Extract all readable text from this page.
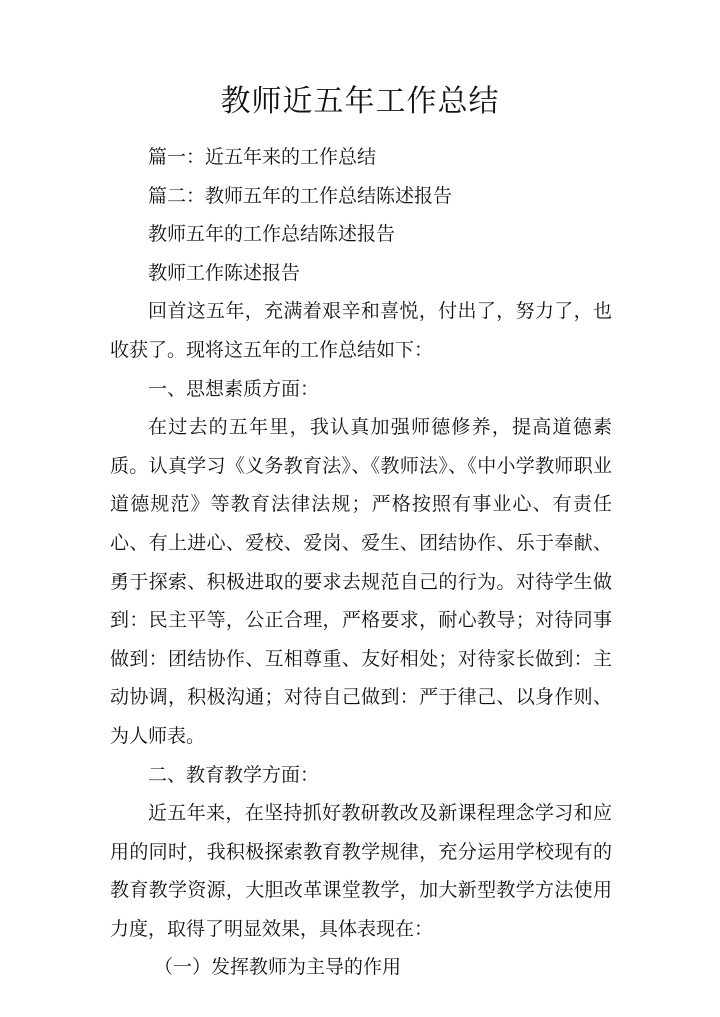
教师近五年工作总结

篇一：近五年来的工作总结

篇二：教师五年的工作总结陈述报告

教师五年的工作总结陈述报告

教师工作陈述报告

回首这五年，充满着艰辛和喜悦，付出了，努力了，也收获了。现将这五年的工作总结如下：

一、思想素质方面：

在过去的五年里，我认真加强师德修养，提高道德素质。认真学习《义务教育法》、《教师法》、《中小学教师职业道德规范》等教育法律法规；严格按照有事业心、有责任心、有上进心、爱校、爱岗、爱生、团结协作、乐于奉献、勇于探索、积极进取的要求去规范自己的行为。对待学生做到：民主平等，公正合理，严格要求，耐心教导；对待同事做到：团结协作、互相尊重、友好相处；对待家长做到：主动协调，积极沟通；对待自己做到：严于律己、以身作则、为人师表。

二、教育教学方面：

近五年来，在坚持抓好教研教改及新课程理念学习和应用的同时，我积极探索教育教学规律，充分运用学校现有的教育教学资源，大胆改革课堂教学，加大新型教学方法使用力度，取得了明显效果，具体表现在：

（一）发挥教师为主导的作用
